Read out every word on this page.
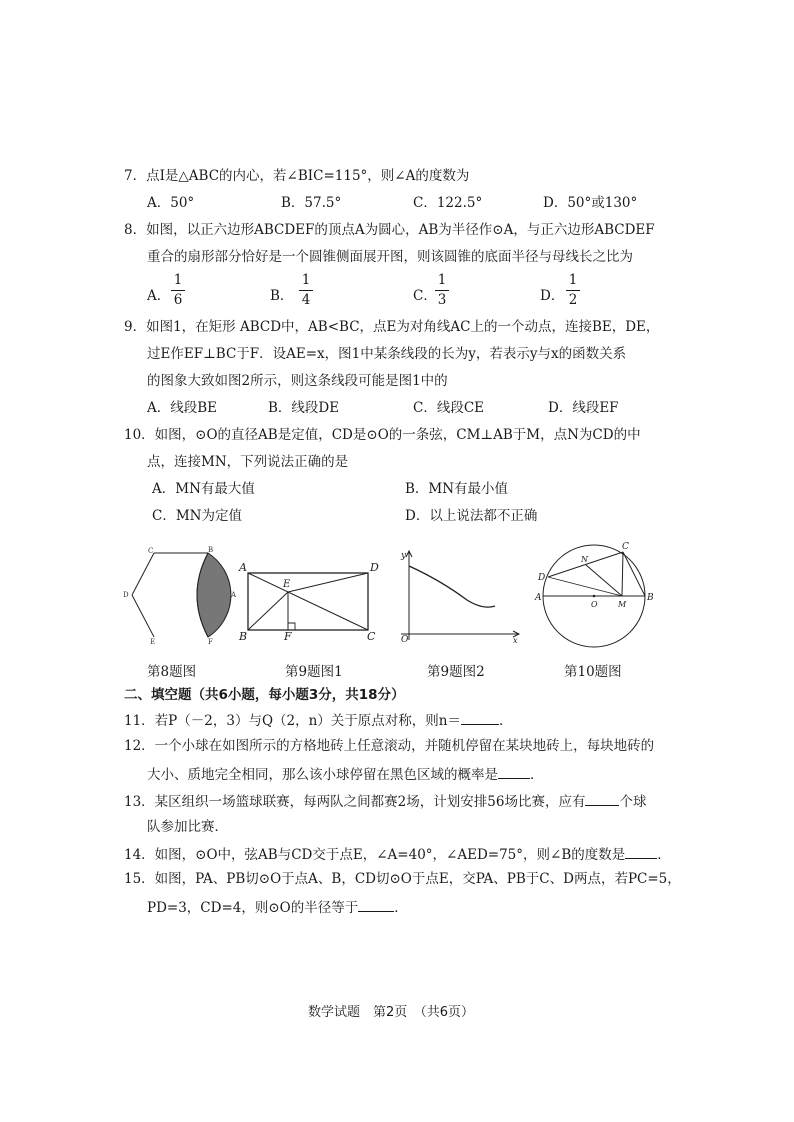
7．点I是△ABC的内心，若∠BIC=115°，则∠A的度数为
A．50°	B．57.5°	C．122.5°	D．50°或130°
8．如图，以正六边形ABCDEF的顶点A为圆心，AB为半径作⊙A，与正六边形ABCDEF
重合的扇形部分恰好是一个圆锥侧面展开图，则该圆锥的底面半径与母线长之比为
A．
1
6	B．
1
4	C．
1
3	D．
1
2
9．如图1，在矩形 ABCD中，AB<BC，点E为对角线AC上的一个动点，连接BE，DE，
过E作EF⊥BC于F．设AE=x，图1中某条线段的长为y，若表示y与x的函数关系
的图象大致如图2所示，则这条线段可能是图1中的
A．线段BE	B．线段DE	C．线段CE	D．线段EF
10．如图，⊙O的直径AB是定值，CD是⊙O的一条弦，CM⊥AB于M，点N为CD的中
点，连接MN，下列说法正确的是
A．MN有最大值	B．MN有最小值
C．MN为定值	D．以上说法都不正确
C	B
D	A
E	F
A	D
E
B	F	C
y
O	x
C
N
D
A
O	M
B
第8题图	第9题图1	第9题图2	第10题图
二、填空题（共6小题，每小题3分，共18分）
11．若P（－2，3）与Q（2，n）关于原点对称，则n＝	．
12．一个小球在如图所示的方格地砖上任意滚动，并随机停留在某块地砖上，每块地砖的
大小、质地完全相同，那么该小球停留在黑色区域的概率是 ．
13．某区组织一场篮球联赛，每两队之间都赛2场，计划安排56场比赛，应有	个球
队参加比赛．
14．如图，⊙O中，弦AB与CD交于点E，∠A=40°，∠AED=75°，则∠B的度数是 ．
15．如图，PA、PB切⊙O于点A、B，CD切⊙O于点E，交PA、PB于C、D两点，若PC=5，
PD=3，CD=4，则⊙O的半径等于	．
数学试题　第2页　（共6页）
